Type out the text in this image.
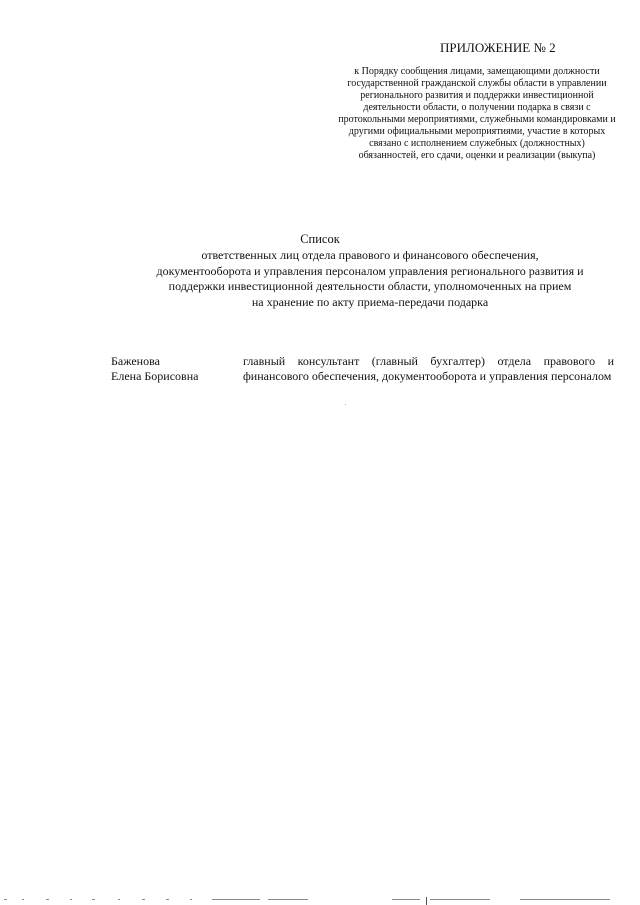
ПРИЛОЖЕНИЕ № 2
к Порядку сообщения лицами, замещающими должности государственной гражданской службы области в управлении регионального развития и поддержки инвестиционной деятельности области, о получении подарка в связи с протокольными мероприятиями, служебными командировками и другими официальными мероприятиями, участие в которых связано с исполнением служебных (должностных) обязанностей, его сдачи, оценки и реализации (выкупа)
Список
ответственных лиц отдела правового и финансового обеспечения,
документооборота и управления персоналом управления регионального развития и
поддержки инвестиционной деятельности области, уполномоченных на прием
на хранение по акту приема-передачи подарка
Баженова
Елена Борисовна
главный консультант (главный бухгалтер) отдела правового и финансового обеспечения, документооборота и управления персоналом
